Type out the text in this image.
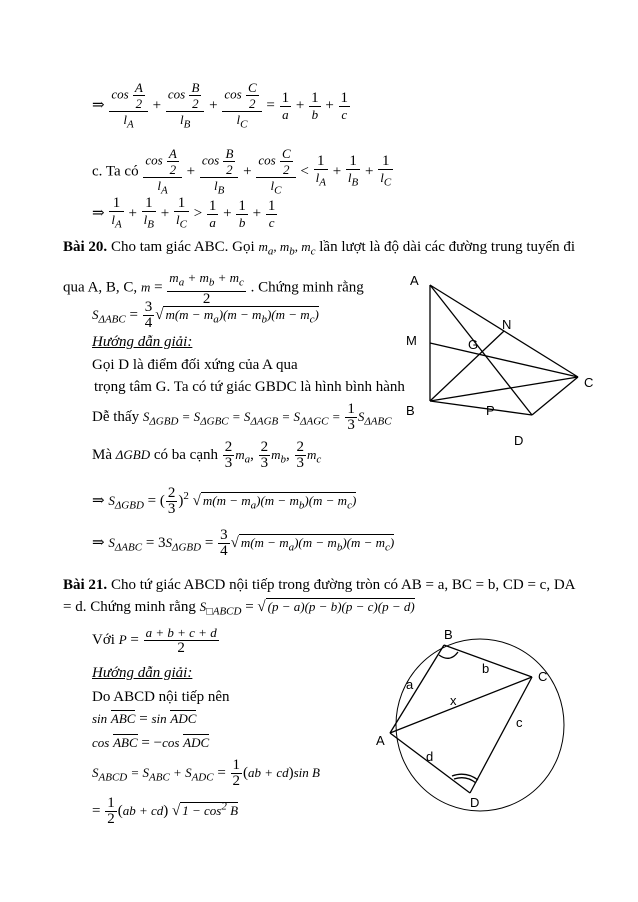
⇒ $\frac{\cos \frac{A}{2}}{l_A} + \frac{\cos \frac{B}{2}}{l_B} + \frac{\cos \frac{C}{2}}{l_C} = \frac{1}{a} + \frac{1}{b} + \frac{1}{c}$
c. Ta có $\frac{\cos \frac{A}{2}}{l_A} + \frac{\cos \frac{B}{2}}{l_B} + \frac{\cos \frac{C}{2}}{l_C} < \frac{1}{l_A} + \frac{1}{l_B} + \frac{1}{l_C}$
⇒ $\frac{1}{l_A} + \frac{1}{l_B} + \frac{1}{l_C} > \frac{1}{a} + \frac{1}{b} + \frac{1}{c}$
Bài 20. Cho tam giác ABC. Gọi $m_a$, $m_b$, $m_c$ lần lượt là độ dài các đường trung tuyến đi
qua A, B, C, $m = \frac{m_a + m_b + m_c}{2}$ . Chứng minh rằng
$S_{\Delta ABC} = \frac{3}{4}$ √ $m(m - m_a)(m - m_b)(m - m_c)$
Hướng dẫn giải:
Gọi D là điểm đối xứng của A qua
trọng tâm G. Ta có tứ giác GBDC là hình bình hành
Dễ thấy $S_{\Delta GBD} = S_{\Delta GBC} = S_{\Delta AGB} = S_{\Delta AGC} = \frac{1}{3} S_{\Delta ABC}$
Mà ΔGBD có ba cạnh $\frac{2}{3} m_a$, $\frac{2}{3} m_b$, $\frac{2}{3} m_c$
⇒ $S_{\Delta GBD}$ = ( $\frac{2}{3} )^2$ √ $m(m - m_a)(m - m_b)(m - m_c)$
⇒ $S_{\Delta ABC} = 3S_{\Delta GBD} = \frac{3}{4}$ √ $m(m - m_a)(m - m_b)(m - m_c)$
A
N
M	G
C
B	P
D
Bài 21. Cho tứ giác ABCD nội tiếp trong đường tròn có AB = a, BC = b, CD = c, DA
= d. Chứng minh rằng $S_{□ABCD}$ = √ (p − a)(p − b)(p − c)(p − d)
Với $P = \frac{a + b + c + d}{2}$
Hướng dẫn giải:
Do ABCD nội tiếp nên
sin ABC = sin ADC
cos ABC = −cos ADC
$S_{ABCD} = S_{ABC} + S_{ADC} = \frac{1}{2} (ab + cd)\sin$ B
= $\frac{1}{2} (ab + cd)$ √ $1 - \cos^2 B$
B
b
C
a
x
c
A
d
D
